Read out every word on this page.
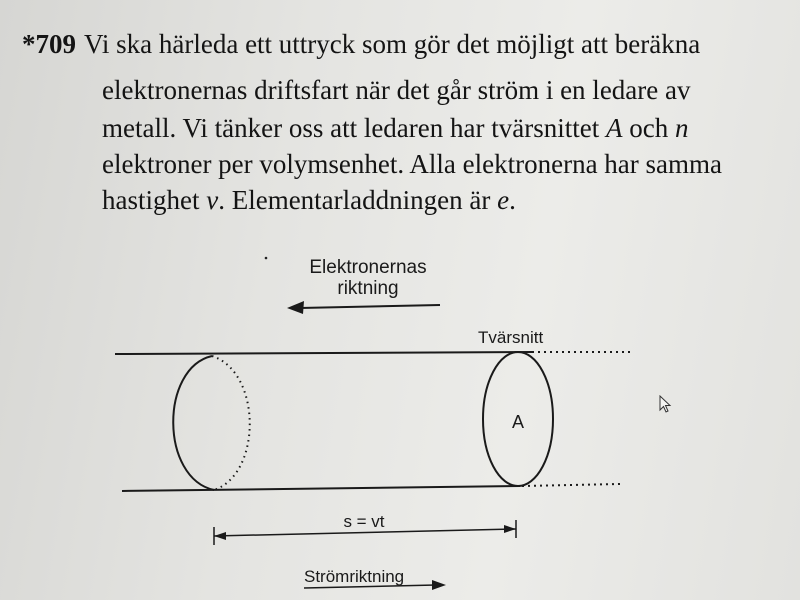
*709 Vi ska härleda ett uttryck som gör det möjligt att beräkna
elektronernas driftsfart när det går ström i en ledare av
metall. Vi tänker oss att ledaren har tvärsnittet A och n
elektroner per volymsenhet. Alla elektronerna har samma
hastighet v. Elementarladdningen är e.
Elektronernas
riktning
Tvärsnitt
A
s = vt
Strömriktning
